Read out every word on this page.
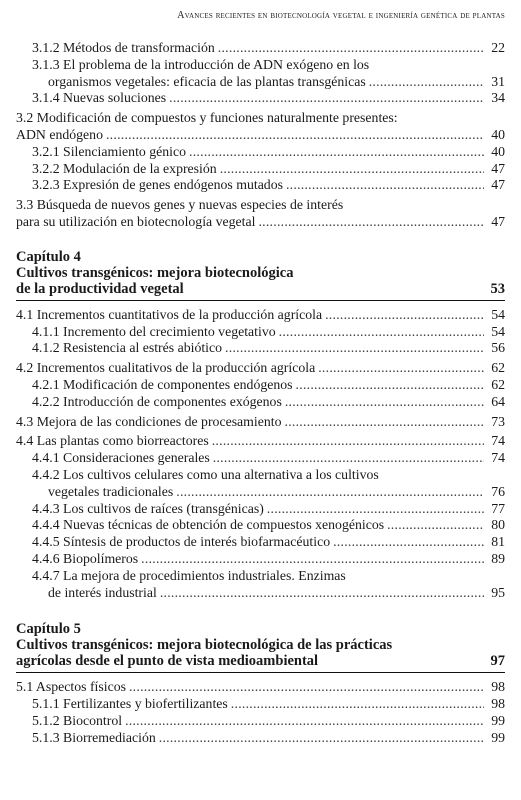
Avances recientes en biotecnología vegetal e ingeniería genética de plantas
3.1.2 Métodos de transformación . . .	22
3.1.3 El problema de la introducción de ADN exógeno en los
organismos vegetales: eficacia de las plantas transgénicas . . .	31
3.1.4 Nuevas soluciones . . .	34
3.2 Modificación de compuestos y funciones naturalmente presentes:
ADN endógeno . . .	40
3.2.1 Silenciamiento génico . . .	40
3.2.2 Modulación de la expresión . . .	47
3.2.3 Expresión de genes endógenos mutados . . .	47
3.3 Búsqueda de nuevos genes y nuevas especies de interés
para su utilización en biotecnología vegetal . . .	47
Capítulo 4
Cultivos transgénicos: mejora biotecnológica
de la productividad vegetal	53
4.1 Incrementos cuantitativos de la producción agrícola . . .	54
4.1.1 Incremento del crecimiento vegetativo . . .	54
4.1.2 Resistencia al estrés abiótico . . .	56
4.2 Incrementos cualitativos de la producción agrícola . . .	62
4.2.1 Modificación de componentes endógenos . . .	62
4.2.2 Introducción de componentes exógenos . . .	64
4.3 Mejora de las condiciones de procesamiento . . .	73
4.4 Las plantas como biorreactores . . .	74
4.4.1 Consideraciones generales . . .	74
4.4.2 Los cultivos celulares como una alternativa a los cultivos
vegetales tradicionales . . .	76
4.4.3 Los cultivos de raíces (transgénicas) . . .	77
4.4.4 Nuevas técnicas de obtención de compuestos xenogénicos . . .	80
4.4.5 Síntesis de productos de interés biofarmacéutico . . .	81
4.4.6 Biopolímeros . . .	89
4.4.7 La mejora de procedimientos industriales. Enzimas
de interés industrial . . .	95
Capítulo 5
Cultivos transgénicos: mejora biotecnológica de las prácticas
agrícolas desde el punto de vista medioambiental	97
5.1 Aspectos físicos . . .	98
5.1.1 Fertilizantes y biofertilizantes . . .	98
5.1.2 Biocontrol . . .	99
5.1.3 Biorremediación . . .	99
